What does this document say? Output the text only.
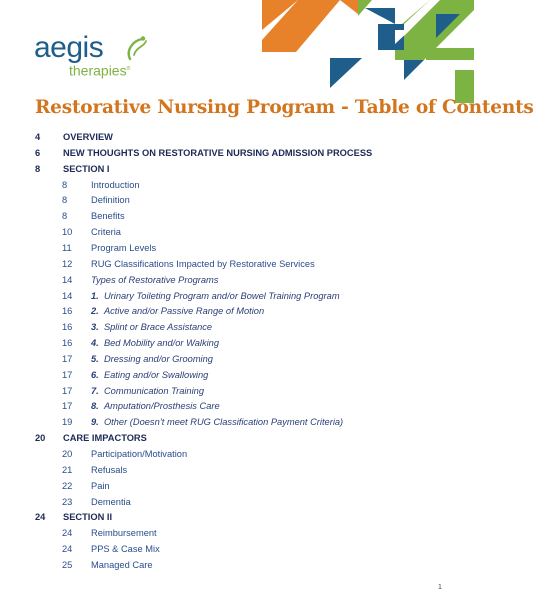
aegis
therapies®
Restorative Nursing Program - Table of Contents
4 OVERVIEW
6 NEW THOUGHTS ON RESTORATIVE NURSING ADMISSION PROCESS
8 SECTION I
8	Introduction
8	Definition
8	Benefits
10 Criteria
11 Program Levels
12 RUG Classifications Impacted by Restorative Services
14 Types of Restorative Programs
14 1. Urinary Toileting Program and/or Bowel Training Program
16 2. Active and/or Passive Range of Motion
16 3. Splint or Brace Assistance
16 4. Bed Mobility and/or Walking
17 5. Dressing and/or Grooming
17 6. Eating and/or Swallowing
17 7. Communication Training
17 8. Amputation/Prosthesis Care
19 9. Other (Doesn’t meet RUG Classification Payment Criteria)
20 CARE IMPACTORS
20 Participation/Motivation
21 Refusals
22 Pain
23 Dementia
24 SECTION II
24 Reimbursement
24 PPS & Case Mix
25 Managed Care
1
